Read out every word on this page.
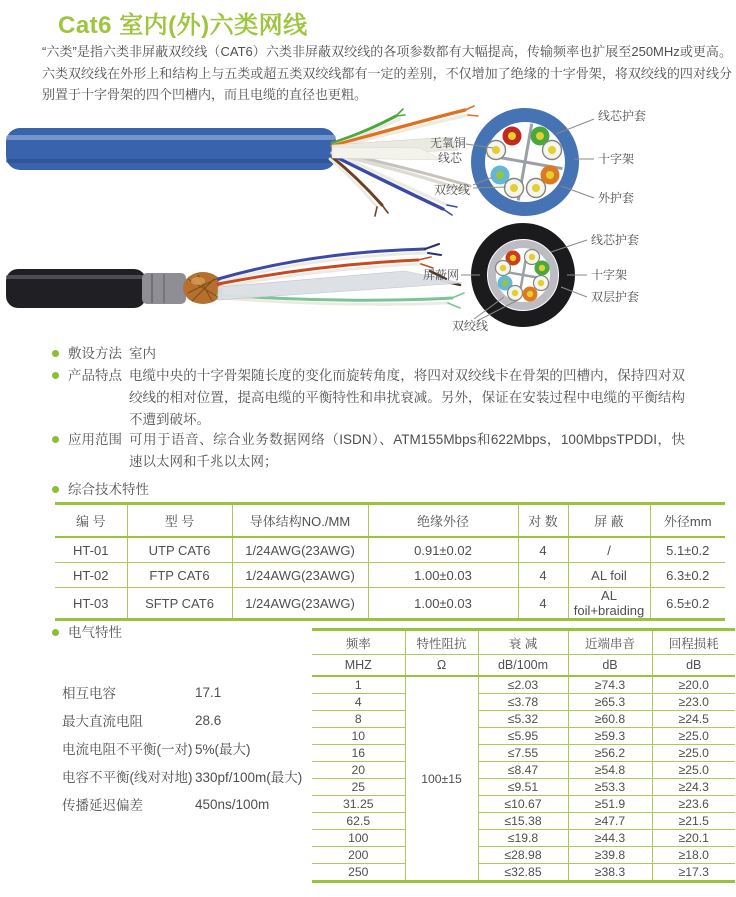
Cat6 室内(外)六类网线

“六类”是指六类非屏蔽双绞线（CAT6）六类非屏蔽双绞线的各项参数都有大幅提高，传输频率也扩展至250MHz或更高。六类双绞线在外形上和结构上与五类或超五类双绞线都有一定的差别，不仅增加了绝缘的十字骨架，将双绞线的四对线分别置于十字骨架的四个凹槽内，而且电缆的直径也更粗。

无氧铜
线芯
双绞线
线芯护套
十字架
外护套
屏蔽网
双绞线
线芯护套
十字架
双层护套
敷设方法 室内
产品特点 电缆中央的十字骨架随长度的变化而旋转角度，将四对双绞线卡在骨架的凹槽内，保持四对双绞线的相对位置，提高电缆的平衡特性和串扰衰减。另外，保证在安装过程中电缆的平衡结构不遭到破坏。
应用范围 可用于语音、综合业务数据网络（ISDN）、ATM155Mbps和622Mbps，100MbpsTPDDI，快速以太网和千兆以太网；
综合技术特性
编 号	型 号	导体结构NO./MM	绝缘外径	对 数	屏 蔽	外径mm
HT-01	UTP CAT6	1/24AWG(23AWG)	0.91±0.02	4	/	5.1±0.2
HT-02	FTP CAT6	1/24AWG(23AWG)	1.00±0.03	4	AL foil	6.3±0.2
HT-03	SFTP CAT6	1/24AWG(23AWG)	1.00±0.03	4	AL foil+braiding	6.5±0.2
电气特性
相互电容	17.1
最大直流电阻	28.6
电流电阻不平衡(一对) 5%(最大)
电容不平衡(线对对地) 330pf/100m(最大)
传播延迟偏差	450ns/100m
频率	特性阻抗	衰 减	近端串音	回程损耗
MHZ	Ω	dB/100m	dB	dB
1	100±15	≤2.03	≥74.3	≥20.0
4		≤3.78	≥65.3	≥23.0
8		≤5.32	≥60.8	≥24.5
10		≤5.95	≥59.3	≥25.0
16		≤7.55	≥56.2	≥25.0
20		≤8.47	≥54.8	≥25.0
25		≤9.51	≥53.3	≥24.3
31.25		≤10.67	≥51.9	≥23.6
62.5		≤15.38	≥47.7	≥21.5
100		≤19.8	≥44.3	≥20.1
200		≤28.98	≥39.8	≥18.0
250		≤32.85	≥38.3	≥17.3
